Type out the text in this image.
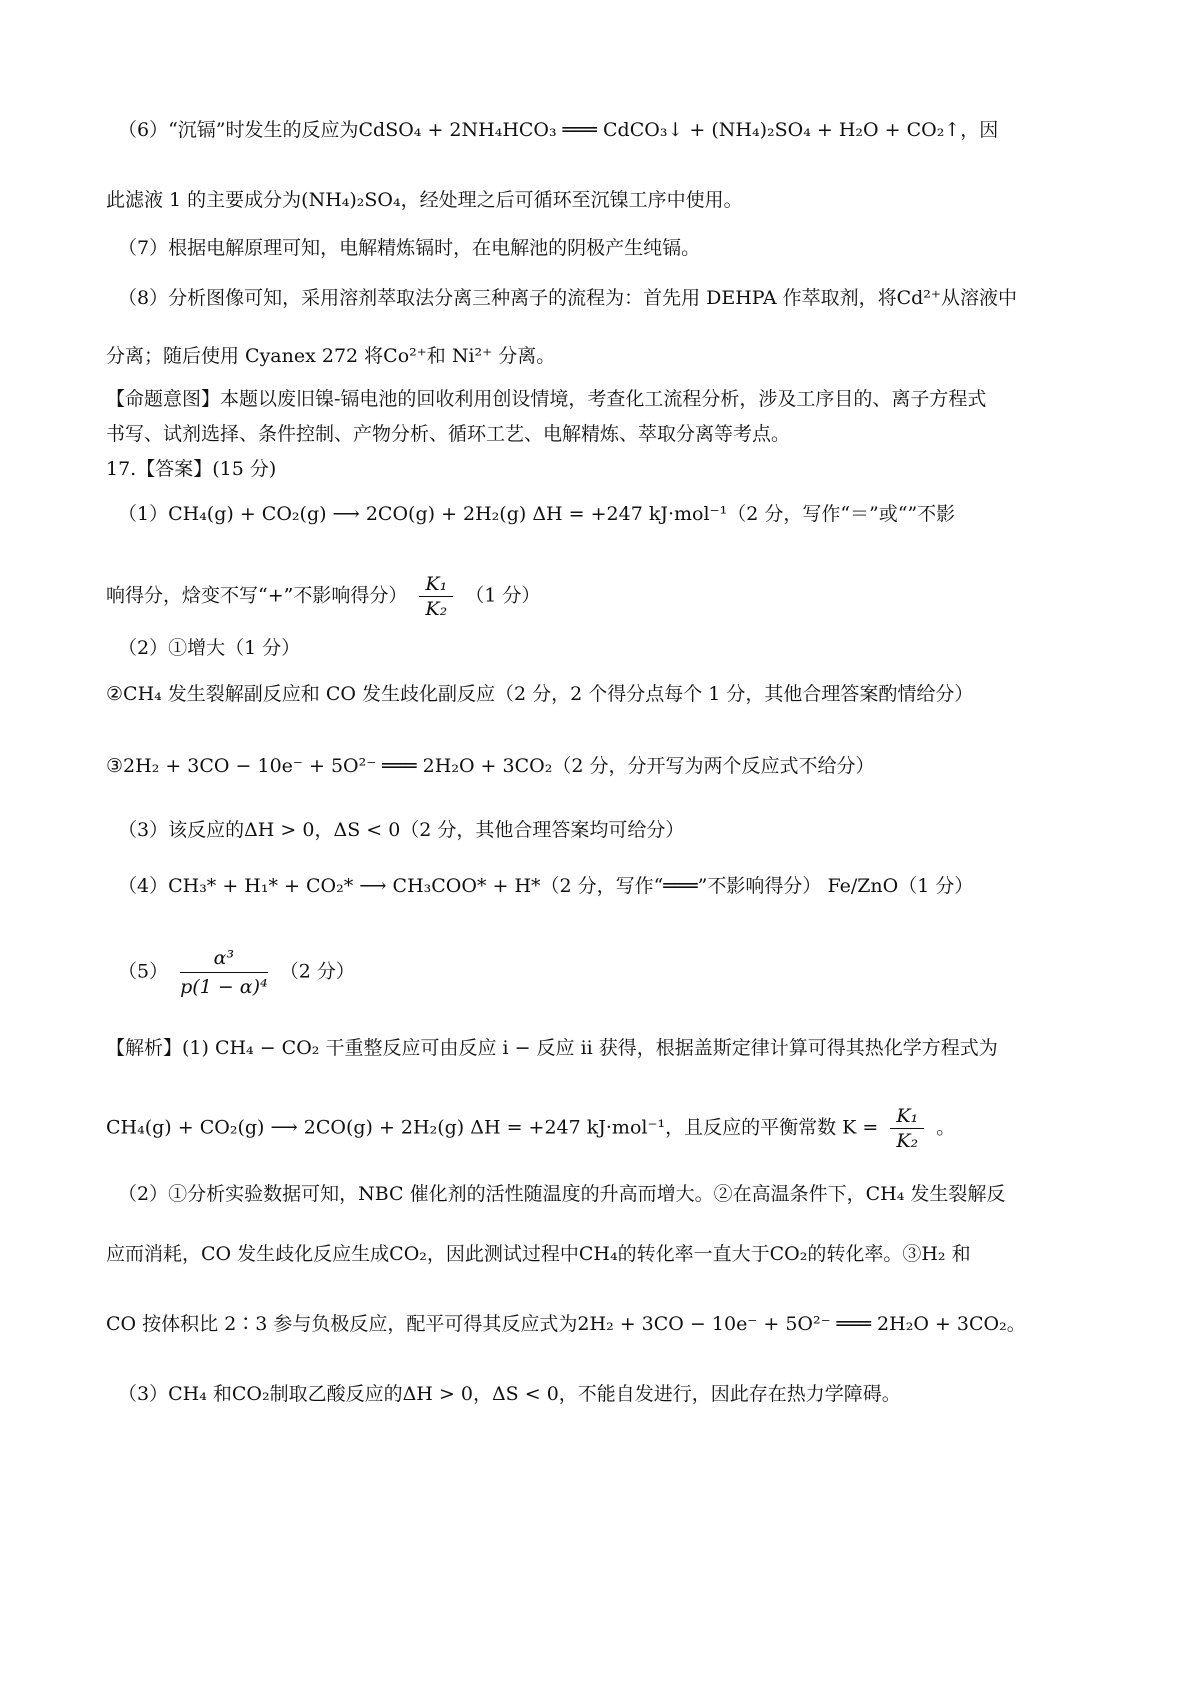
（6）“沉镉”时发生的反应为CdSO₄ + 2NH₄HCO₃ ═══ CdCO₃↓ + (NH₄)₂SO₄ + H₂O + CO₂↑，因
此滤液 1 的主要成分为(NH₄)₂SO₄，经处理之后可循环至沉镍工序中使用。
（7）根据电解原理可知，电解精炼镉时，在电解池的阴极产生纯镉。
（8）分析图像可知，采用溶剂萃取法分离三种离子的流程为：首先用 DEHPA 作萃取剂，将Cd²⁺从溶液中
分离；随后使用 Cyanex 272 将Co²⁺和 Ni²⁺ 分离。
【命题意图】本题以废旧镍-镉电池的回收利用创设情境，考查化工流程分析，涉及工序目的、离子方程式
书写、试剂选择、条件控制、产物分析、循环工艺、电解精炼、萃取分离等考点。
17.【答案】(15 分)
（1）CH₄(g) + CO₂(g) ⟶ 2CO(g) + 2H₂(g) ΔH = +247 kJ·mol⁻¹（2 分，写作“＝”或“”不影
响得分，焓变不写“+”不影响得分） $\frac{\text{K₁}}{\text{K₂}} (1$ 分）
（2）①增大（1 分）
②CH₄ 发生裂解副反应和 CO 发生歧化副反应（2 分，2 个得分点每个 1 分，其他合理答案酌情给分）
③2H₂ + 3CO − 10e⁻ + 5O²⁻ ═══ 2H₂O + 3CO₂（2 分，分开写为两个反应式不给分）
（3）该反应的ΔH > 0，ΔS < 0（2 分，其他合理答案均可给分）
（4）CH₃* + H₁* + CO₂* ⟶ CH₃COO* + H*（2 分，写作“═══”不影响得分） Fe/ZnO（1 分）
$(5) \frac{\text{α³}}{\text{p(1 − α)⁴}} (2$ 分）
【解析】(1) CH₄ − CO₂ 干重整反应可由反应 i − 反应 ii 获得，根据盖斯定律计算可得其热化学方程式为
CH₄(g) + CO₂(g) ⟶ 2CO(g) + 2H₂(g) ΔH = +247 kJ·mol⁻¹，且反应的平衡常数 $K = \frac{\text{K₁}}{\text{K₂}}$ 。
（2）①分析实验数据可知，NBC 催化剂的活性随温度的升高而增大。②在高温条件下，CH₄ 发生裂解反
应而消耗，CO 发生歧化反应生成CO₂，因此测试过程中CH₄的转化率一直大于CO₂的转化率。③H₂ 和
CO 按体积比 2∶3 参与负极反应，配平可得其反应式为2H₂ + 3CO − 10e⁻ + 5O²⁻ ═══ 2H₂O + 3CO₂。
（3）CH₄ 和CO₂制取乙酸反应的ΔH > 0，ΔS < 0，不能自发进行，因此存在热力学障碍。
